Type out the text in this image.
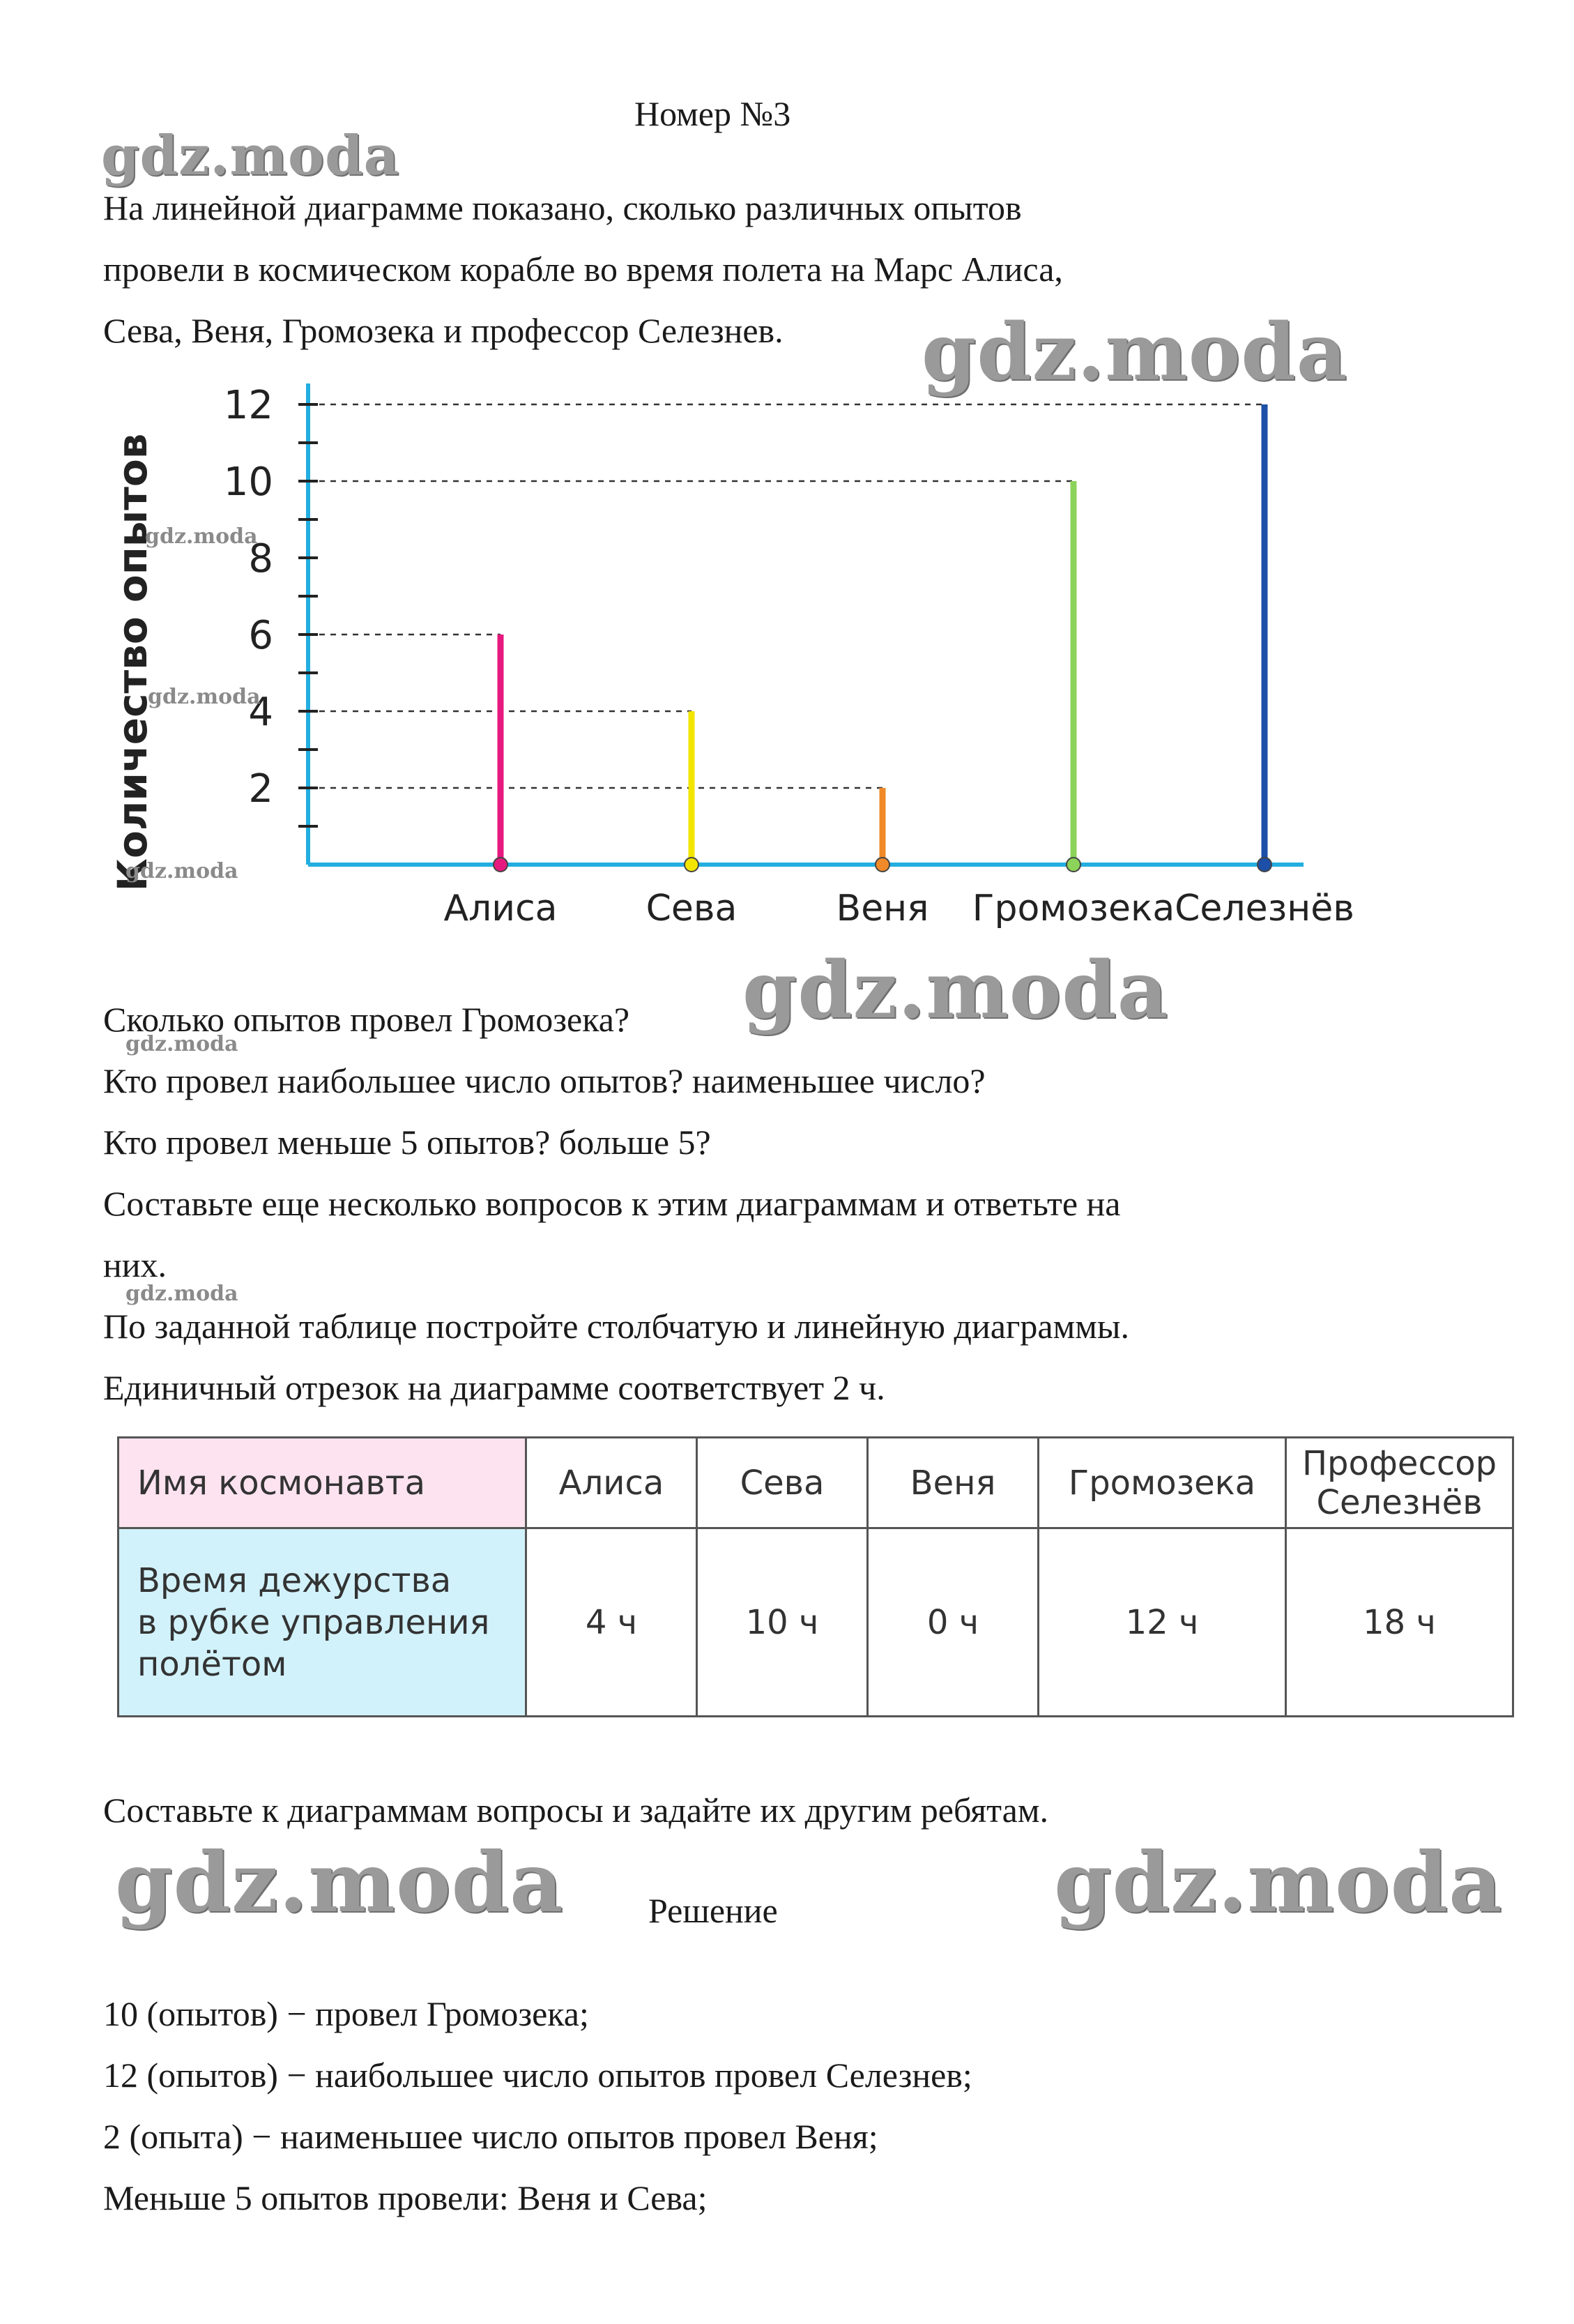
Номер №3
gdz.moda
На линейной диаграмме показано, сколько различных опытов
провели в космическом корабле во время полета на Марс Алиса,
Сева, Веня, Громозека и профессор Селезнев. gdz.moda
2
4
6
8
10
12
Количество опытов
Алиса Сева	Веня Громозека Селезнёв
gdz.moda
gdz.moda
gdz.moda
gdz.moda
Сколько опытов провел Громозека?
gdz.moda
Кто провел наибольшее число опытов? наименьшее число?
Кто провел меньше 5 опытов? больше 5?
Составьте еще несколько вопросов к этим диаграммам и ответьте на
них.
gdz.moda
По заданной таблице постройте столбчатую и линейную диаграммы.
Единичный отрезок на диаграмме соответствует 2 ч.
Имя космонавта	Алиса	Сева	Веня	Громозека	Профессор
Селезнёв

Время дежурства
в рубке управления
полётом	4 ч	10 ч	0 ч	12 ч	18 ч
Составьте к диаграммам вопросы и задайте их другим ребятам.
gdz.moda	gdz.moda
Решение
10 (опытов) − провел Громозека;
12 (опытов) − наибольшее число опытов провел Селезнев;
2 (опыта) − наименьшее число опытов провел Веня;
Меньше 5 опытов провели: Веня и Сева;
